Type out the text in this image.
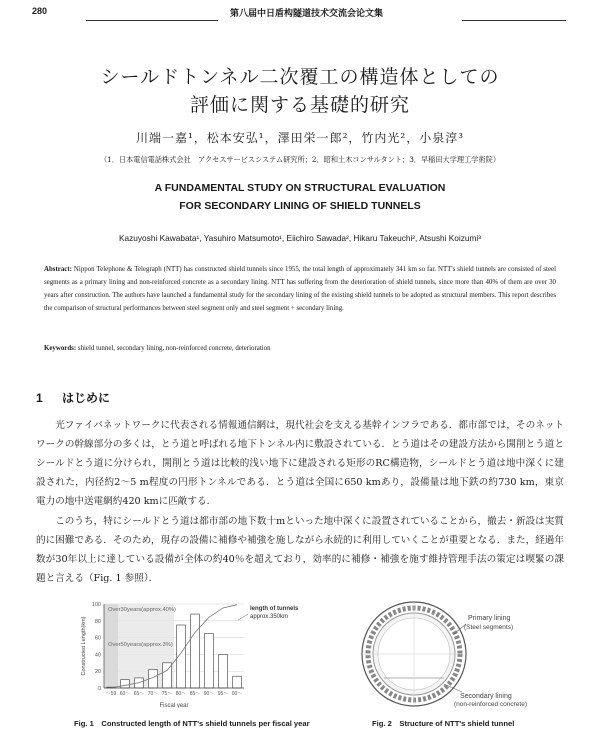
280	第八届中日盾构隧道技术交流会论文集
シールドトンネル二次覆工の構造体としての
評価に関する基礎的研究
川端一嘉¹，松本安弘¹，澤田栄一郎²，竹内光²，小泉淳³
（1．日本電信電話株式会社　アクセスサービスシステム研究所；2．昭和土木コンサルタント；3．早稲田大学理工学術院）
A FUNDAMENTAL STUDY ON STRUCTURAL EVALUATION
FOR SECONDARY LINING OF SHIELD TUNNELS
Kazuyoshi Kawabata¹, Yasuhiro Matsumoto¹, Eiichiro Sawada², Hikaru Takeuchi², Atsushi Koizumi³
Abstract: Nippon Telephone & Telegraph (NTT) has constructed shield tunnels since 1955, the total length of approximately 341 km so far. NTT's shield tunnels are consisted of steel segments as a primary lining and non-reinforced concrete as a secondary lining. NTT has suffering from the deterioration of shield tunnels, since more than 40% of them are over 30 years after construction. The authors have launched a fundamental study for the secondary lining of the existing shield tunnels to be adopted as structural members. This report describes the comparison of structural performances between steel segment only and steel segment + secondary lining.
Keywords: shield tunnel, secondary lining, non-reinforced concrete, deterioration
1 はじめに

光ファイバネットワークに代表される情報通信網は，現代社会を支える基幹インフラである．都市部では，そのネットワークの幹線部分の多くは，とう道と呼ばれる地下トンネル内に敷設されている．とう道はその建設方法から開削とう道とシールドとう道に分けられ，開削とう道は比較的浅い地下に建設される矩形のRC構造物，シールドとう道は地中深くに建設された，内径約2～5 m程度の円形トンネルである．とう道は全国に650 kmあり，設備量は地下鉄の約730 km，東京電力の地中送電網約420 kmに匹敵する．

このうち，特にシールドとう道は都市部の地下数十mといった地中深くに設置されていることから，撤去・新設は実質的に困難である．そのため，現存の設備に補修や補強を施しながら永続的に利用していくことが重要となる．また，経過年数が30年以上に達している設備が全体の約40％を超えており，効率的に補修・補強を施す維持管理手法の策定は喫緊の課題と言える（Fig. 1 参照）．

0
20
40
60
80
100
～59 60～ 65～ 70～ 75～ 80～ 85～ 90～ 95～ 00～
Fiscal year
Constructed Length(km)
Over30years(approx.40%)	length of tunnels
approx.350km
Over50years(approx.3%)
Fig. 1　Constructed length of NTT's shield tunnels per fiscal year
Primary lining
(Steel segments)
Secondary lining
(non-reinforced concrete)
Fig. 2　Structure of NTT's shield tunnel
